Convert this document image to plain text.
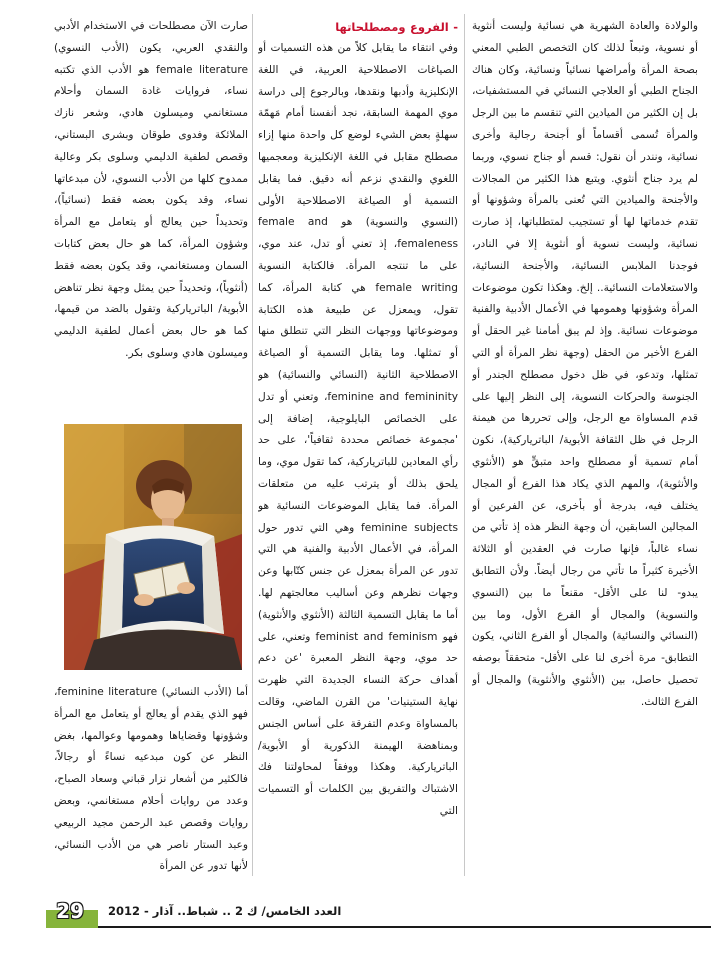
والولادة والعادة الشهرية هي نسائية وليست أنثوية أو نسوية، وتبعاً لذلك كان التخصص الطبي المعني بصحة المرأة وأمراضها نسائياً ونسائية، وكان هناك الجناح الطبي أو العلاجي النسائي في المستشفيات، بل إن الكثير من الميادين التي تنقسم ما بين الرجل والمرأة تُسمى أقساماً أو أجنحة رجالية وأخرى نسائية، ونندر أن نقول: قسم أو جناح نسوي، وربما لم يرد جناح أنثوي. ويتبع هذا الكثير من المجالات والأجنحة والميادين التي تُعنى بالمرأة وشؤونها أو تقدم خدماتها لها أو تستجيب لمتطلباتها، إذ صارت نسائية، وليست نسوية أو أنثوية إلا في النادر، فوجدنا الملابس النسائية، والأجنحة النسائية، والاستعلامات النسائية.. إلخ. وهكذا تكون موضوعات المرأة وشؤونها وهمومها في الأعمال الأدبية والفنية موضوعات نسائية. وإذ لم يبق أمامنا غير الحقل أو الفرع الأخير من الحقل (وجهة نظر المرأة أو التي تمثلها، وتدعو، في ظل دخول مصطلح الجندر أو الجنوسة والحركات النسوية، إلى النظر إليها على قدم المساواة مع الرجل، وإلى تحررها من هيمنة الرجل في ظل الثقافة الأبوية/ الباترياركية)، نكون أمام تسمية أو مصطلح واحد متبقٍّ هو (الأنثوي والأنثوية)، والمهم الذي يكاد هذا الفرع أو المجال يختلف فيه، بدرجة أو بأخرى، عن الفرعين أو المجالين السابقين، أن وجهة النظر هذه إذ تأتي من نساء غالباً، فإنها صارت في العقدين أو الثلاثة الأخيرة كثيراً ما تأتي من رجال أيضاً. ولأن التطابق يبدو- لنا على الأقل- مقنعاً ما بين (النسوي والنسوية) والمجال أو الفرع الأول، وما بين (النسائي والنسائية) والمجال أو الفرع الثاني، يكون التطابق- مرة أخرى لنا على الأقل- متحققاً بوصفه تحصيل حاصل، بين (الأنثوي والأنثوية) والمجال أو الفرع الثالث.

- الفروع ومصطلحاتها

وفي انتقاء ما يقابل كلاً من هذه التسميات أو الصياغات الاصطلاحية العربية، في اللغة الإنكليزية وأدبها ونقدها، وبالرجوع إلى دراسة موي المهمة السابقة، نجد أنفسنا أمام مَهمّة سهلةٍ بعض الشيء لوضع كل واحدة منها إزاء مصطلح مقابل في اللغة الإنكليزية ومعجميها اللغوي والنقدي نزعم أنه دقيق. فما يقابل التسمية أو الصياغة الاصطلاحية الأولى (النسوي والنسوية) هو female and femaleness، إذ تعني أو تدل، عند موي، على ما تنتجه المرأة. فالكتابة النسوية female writing هي كتابة المرأة، كما تقول، ويمعزل عن طبيعة هذه الكتابة وموضوعاتها ووجهات النظر التي تنطلق منها أو تمثلها. وما يقابل التسمية أو الصياغة الاصطلاحية الثانية (النسائي والنسائية) هو feminine and femininity، وتعني أو تدل على الخصائص البايلوجية، إضافة إلى 'مجموعة خصائص محددة ثقافياً'، على حد رأي المعادين للباترياركية، كما تقول موي، وما يلحق بذلك أو يترتب عليه من متعلقات المرأة. فما يقابل الموضوعات النسائية هو feminine subjects وهي التي تدور حول المرأة، في الأعمال الأدبية والفنية هي التي تدور عن المرأة بمعزل عن جنس كتّابها وعن وجهات نظرهم وعن أساليب معالجتهم لها. أما ما يقابل التسمية الثالثة (الأنثوي والأنثوية) فهو feminist and feminism وتعني، على حد موي، وجهة النظر المعبرة 'عن دعم أهداف حركة النساء الجديدة التي ظهرت نهاية الستينيات' من القرن الماضي، وقالت بالمساواة وعدم التفرقة على أساس الجنس وبمناهضة الهيمنة الذكورية أو الأبوية/ الباترياركية. وهكذا ووفقاً لمحاولتنا فك الاشتباك والتفريق بين الكلمات أو التسميات التي

صارت الآن مصطلحات في الاستخدام الأدبي والنقدي العربي، يكون (الأدب النسوي) female literature هو الأدب الذي تكتبه نساء، فروايات غادة السمان وأحلام مستغانمي وميسلون هادي، وشعر نازك الملائكة وفدوى طوقان وبشرى البستاني، وقصص لطفية الدليمي وسلوى بكر وعالية ممدوح كلها من الأدب النسوي، لأن مبدعاتها نساء، وقد يكون بعضه فقط (نسائياً)، وتحديداً حين يعالج أو يتعامل مع المرأة وشؤون المرأة، كما هو حال بعض كتابات السمان ومستغانمي، وقد يكون بعضه فقط (أنثوياً)، وتحديداً حين يمثل وجهة نظر تناهض الأبوية/ الباترياركية وتقول بالضد من قيمها، كما هو حال بعض أعمال لطفية الدليمي وميسلون هادي وسلوى بكر.

أما (الأدب النسائي) feminine literature، فهو الذي يقدم أو يعالج أو يتعامل مع المرأة وشؤونها وقضاياها وهمومها وعوالمها، بغض النظر عن كون مبدعيه نساءً أو رجالاً، فالكثير من أشعار نزار قباني وسعاد الصباح، وعدد من روايات أحلام مستغانمي، وبعض روايات وقصص عبد الرحمن مجيد الربيعي وعبد الستار ناصر هي من الأدب النسائي، لأنها تدور عن المرأة

29	العدد الخامس/ ك 2 .. شباط.. آذار - 2012
